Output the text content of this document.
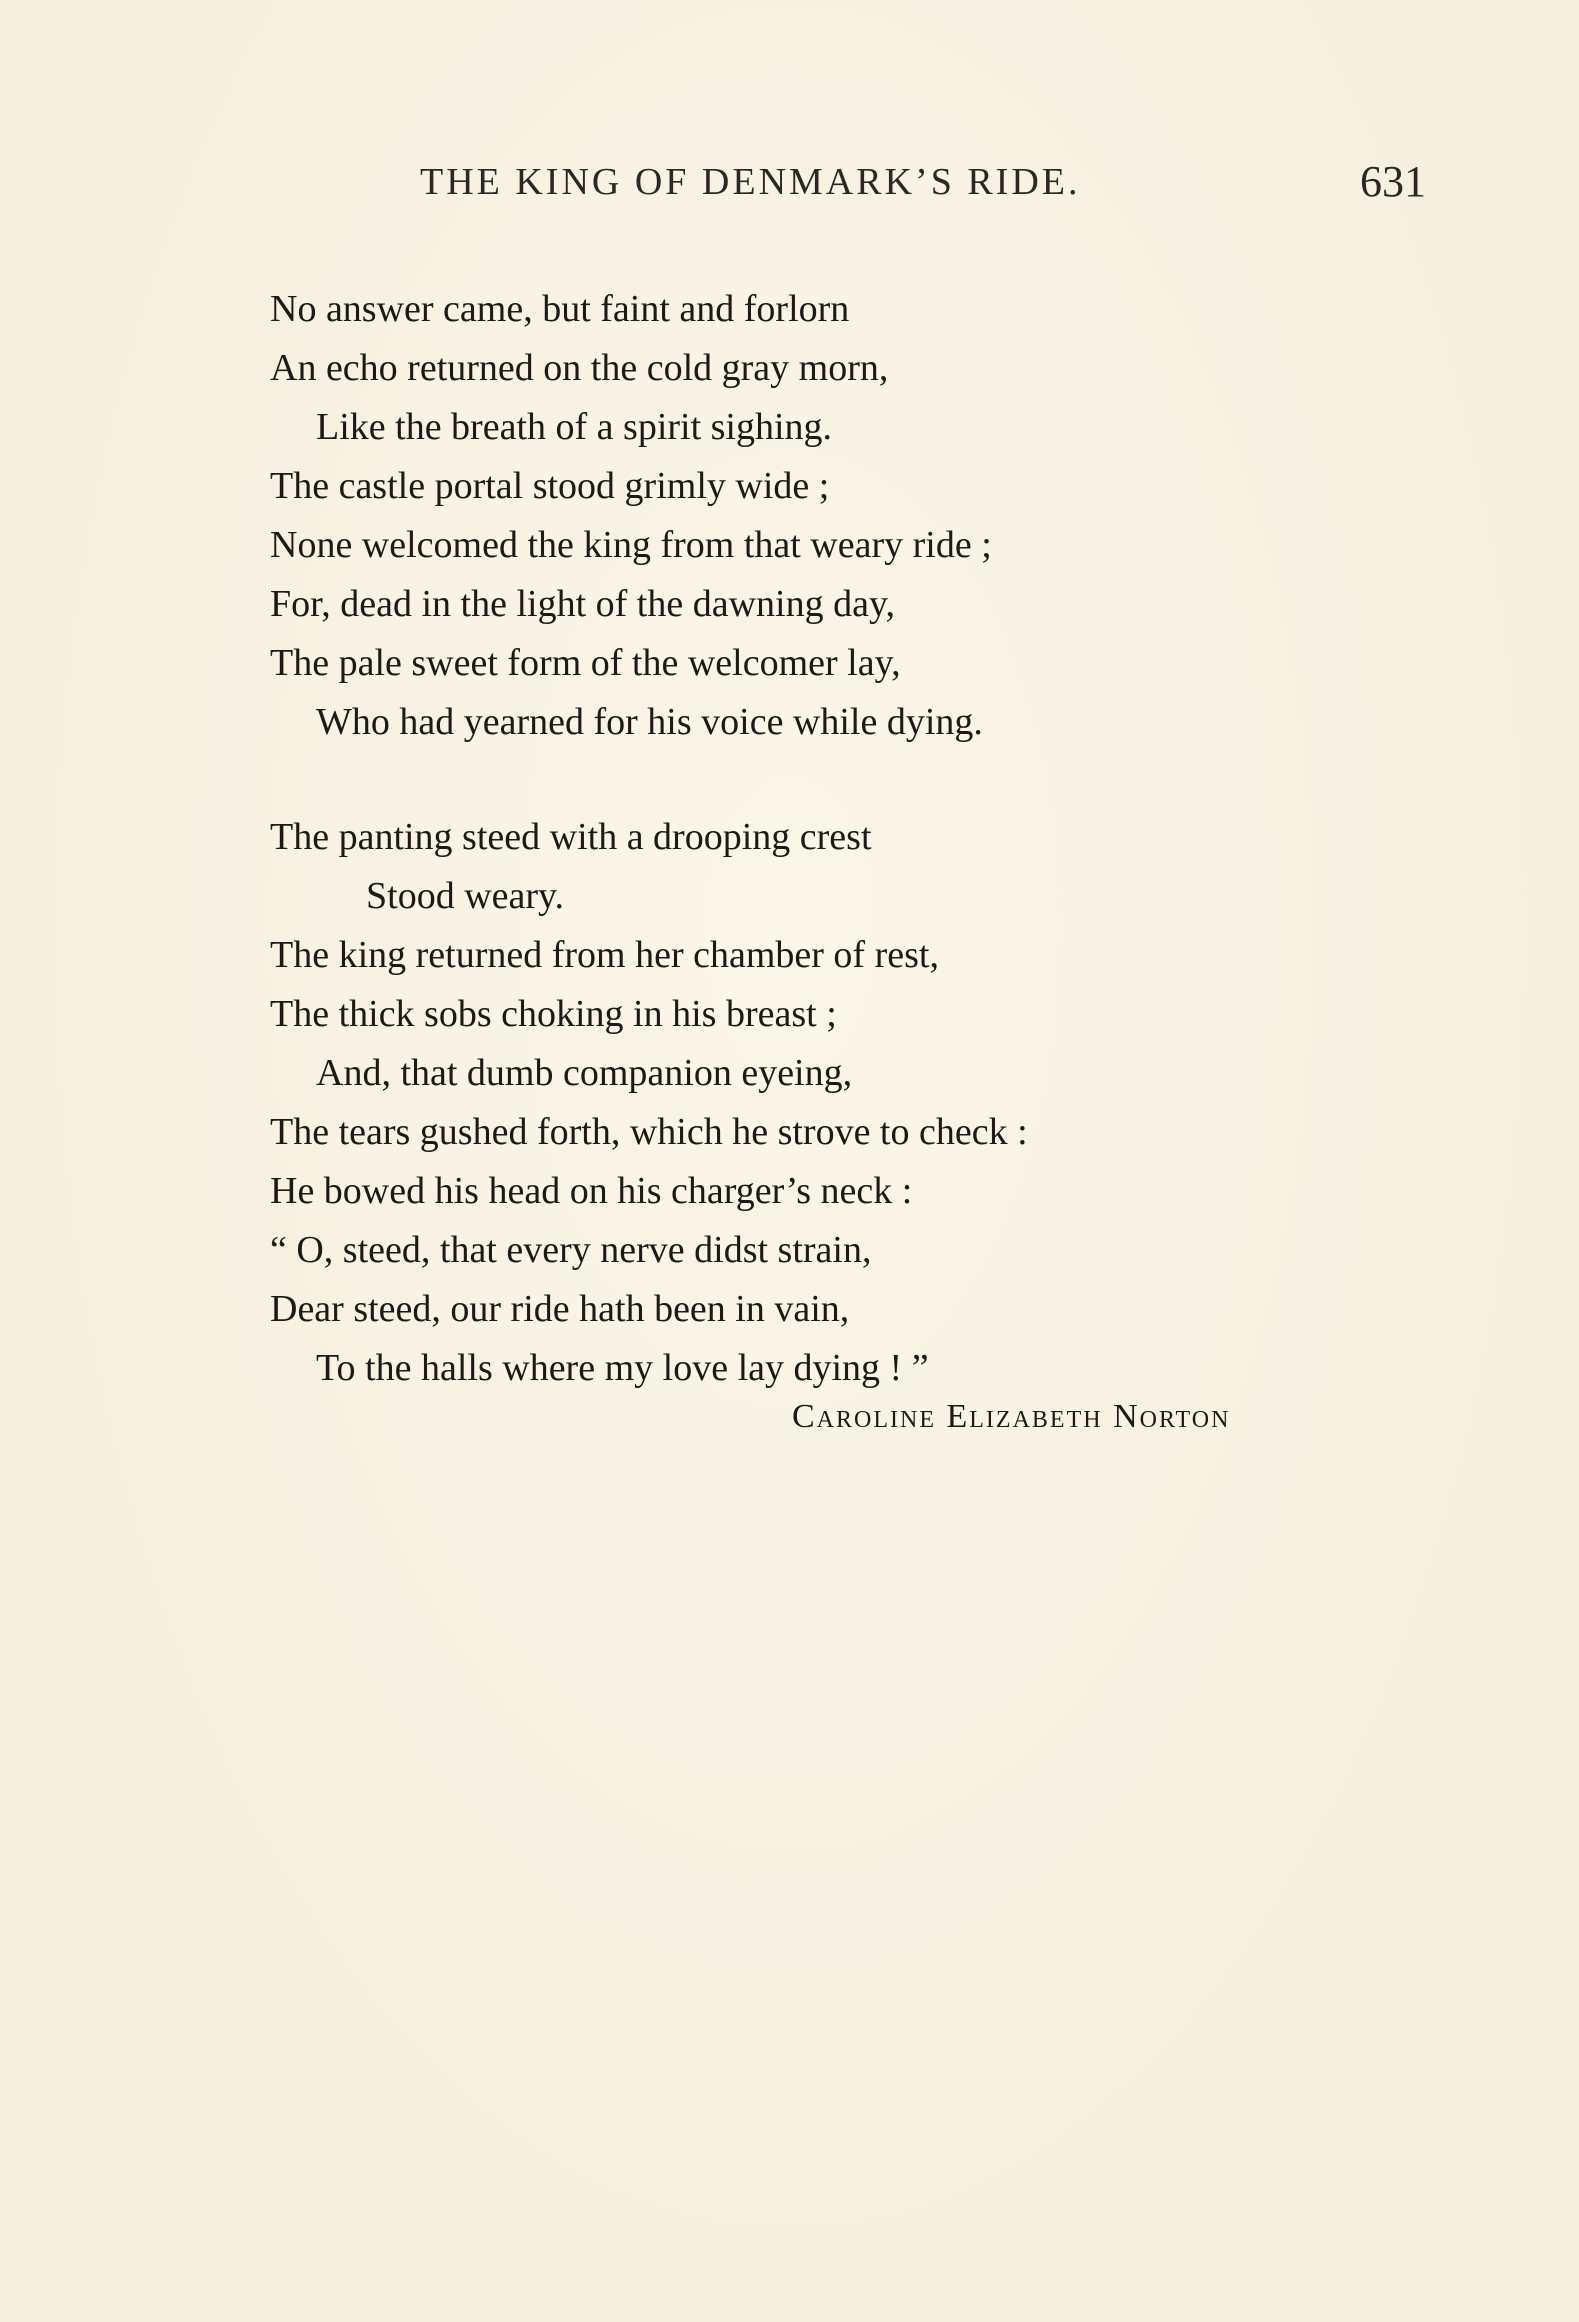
THE KING OF DENMARK’S RIDE.	631
No answer came, but faint and forlorn
An echo returned on the cold gray morn,
Like the breath of a spirit sighing.
The castle portal stood grimly wide ;
None welcomed the king from that weary ride ;
For, dead in the light of the dawning day,
The pale sweet form of the welcomer lay,
Who had yearned for his voice while dying.
The panting steed with a drooping crest
Stood weary.
The king returned from her chamber of rest,
The thick sobs choking in his breast ;
And, that dumb companion eyeing,
The tears gushed forth, which he strove to check :
He bowed his head on his charger’s neck :
“ O, steed, that every nerve didst strain,
Dear steed, our ride hath been in vain,
To the halls where my love lay dying ! ”
Caroline Elizabeth Norton
